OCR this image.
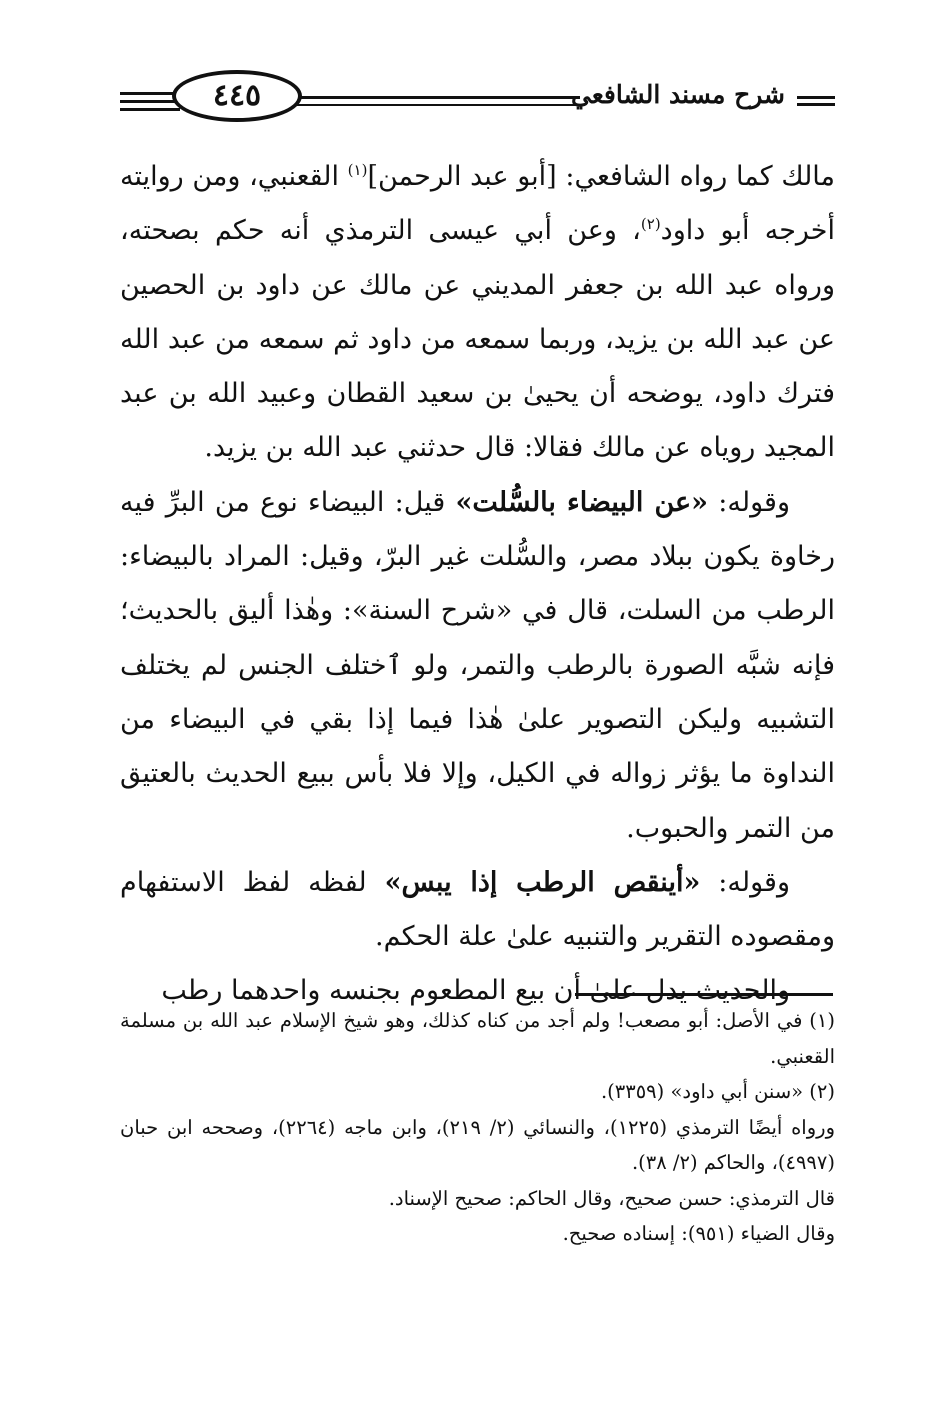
شرح مسند الشافعي
٤٤٥

مالك كما رواه الشافعي: [أبو عبد الرحمن]$^{(١)}$ القعنبي، ومن روايته أخرجه أبو داود$^{(٢)}$، وعن أبي عيسى الترمذي أنه حكم بصحته، ورواه عبد الله بن جعفر المديني عن مالك عن داود بن الحصين عن عبد الله بن يزيد، وربما سمعه من داود ثم سمعه من عبد الله فترك داود، يوضحه أن يحيىٰ بن سعيد القطان وعبيد الله بن عبد المجيد روياه عن مالك فقالا: قال حدثني عبد الله بن يزيد.

وقوله: «عن البيضاء بالسُّلت» قيل: البيضاء نوع من البرِّ فيه رخاوة يكون ببلاد مصر، والسُّلت غير البرّ، وقيل: المراد بالبيضاء: الرطب من السلت، قال في «شرح السنة»: وهٰذا أليق بالحديث؛ فإنه شبَّه الصورة بالرطب والتمر، ولو ٱختلف الجنس لم يختلف التشبيه وليكن التصوير علىٰ هٰذا فيما إذا بقي في البيضاء من النداوة ما يؤثر زواله في الكيل، وإلا فلا بأس ببيع الحديث بالعتيق من التمر والحبوب.

وقوله: «أينقص الرطب إذا يبس» لفظه لفظ الاستفهام ومقصوده التقرير والتنبيه علىٰ علة الحكم.

والحديث يدل علىٰ أن بيع المطعوم بجنسه واحدهما رطب

(١) في الأصل: أبو مصعب! ولم أجد من كناه كذلك، وهو شيخ الإسلام عبد الله بن مسلمة القعنبي.

(٢) «سنن أبي داود» (٣٣٥٩).

ورواه أيضًا الترمذي (١٢٢٥)، والنسائي (٢/ ٢١٩)، وابن ماجه (٢٢٦٤)، وصححه ابن حبان (٤٩٩٧)، والحاكم (٢/ ٣٨).

قال الترمذي: حسن صحيح، وقال الحاكم: صحيح الإسناد.

وقال الضياء (٩٥١): إسناده صحيح.
